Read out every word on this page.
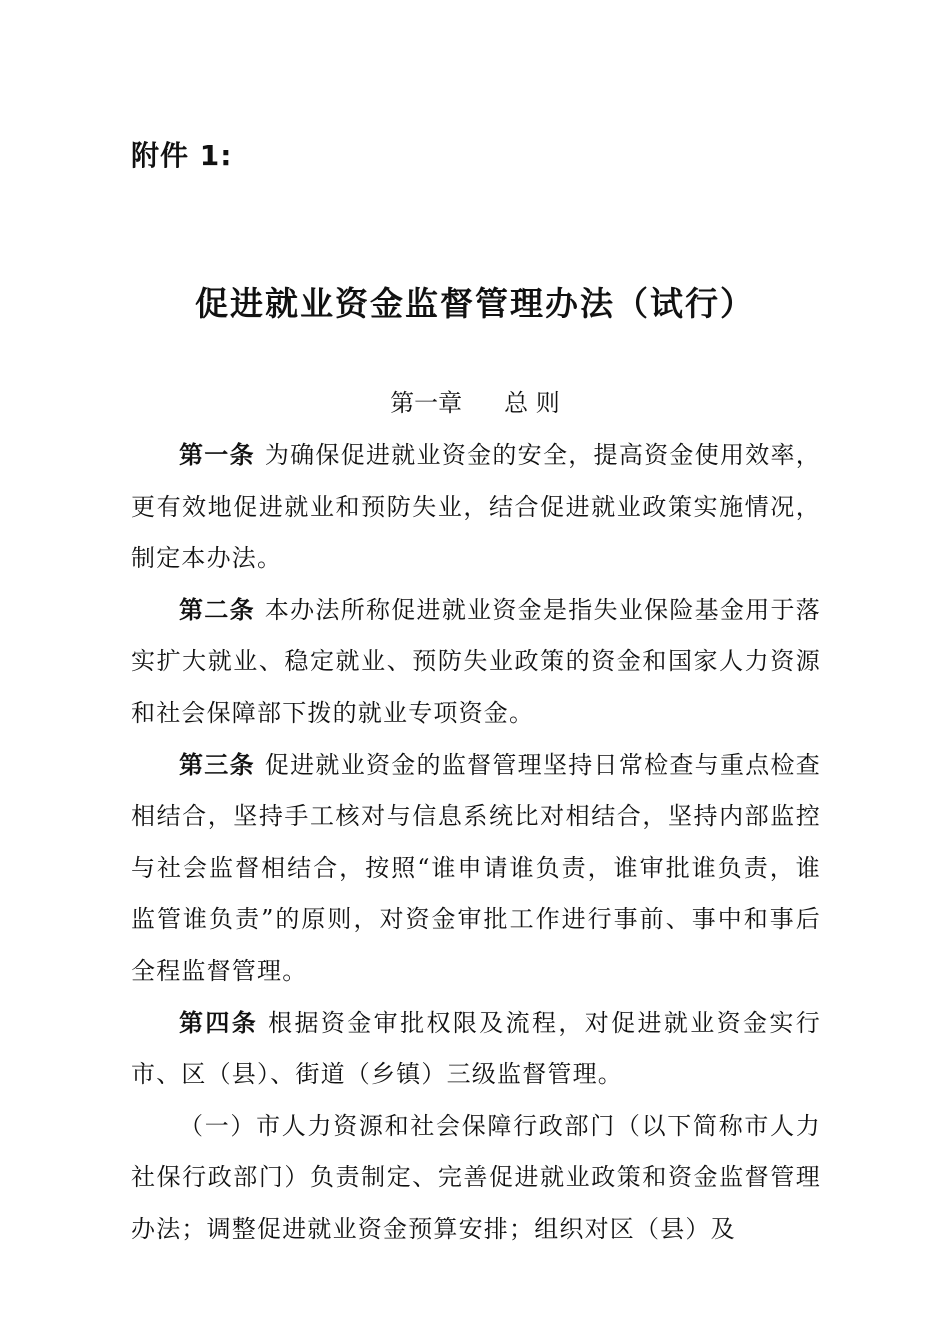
附件 1:
促进就业资金监督管理办法（试行）
第一章 总 则

第一条 为确保促进就业资金的安全，提高资金使用效率，更有效地促进就业和预防失业，结合促进就业政策实施情况，制定本办法。

第二条 本办法所称促进就业资金是指失业保险基金用于落实扩大就业、稳定就业、预防失业政策的资金和国家人力资源和社会保障部下拨的就业专项资金。

第三条 促进就业资金的监督管理坚持日常检查与重点检查相结合，坚持手工核对与信息系统比对相结合，坚持内部监控与社会监督相结合，按照“谁申请谁负责，谁审批谁负责，谁监管谁负责”的原则，对资金审批工作进行事前、事中和事后全程监督管理。

第四条 根据资金审批权限及流程，对促进就业资金实行市、区（县）、街道（乡镇）三级监督管理。

（一）市人力资源和社会保障行政部门（以下简称市人力社保行政部门）负责制定、完善促进就业政策和资金监督管理办法；调整促进就业资金预算安排；组织对区（县）及
